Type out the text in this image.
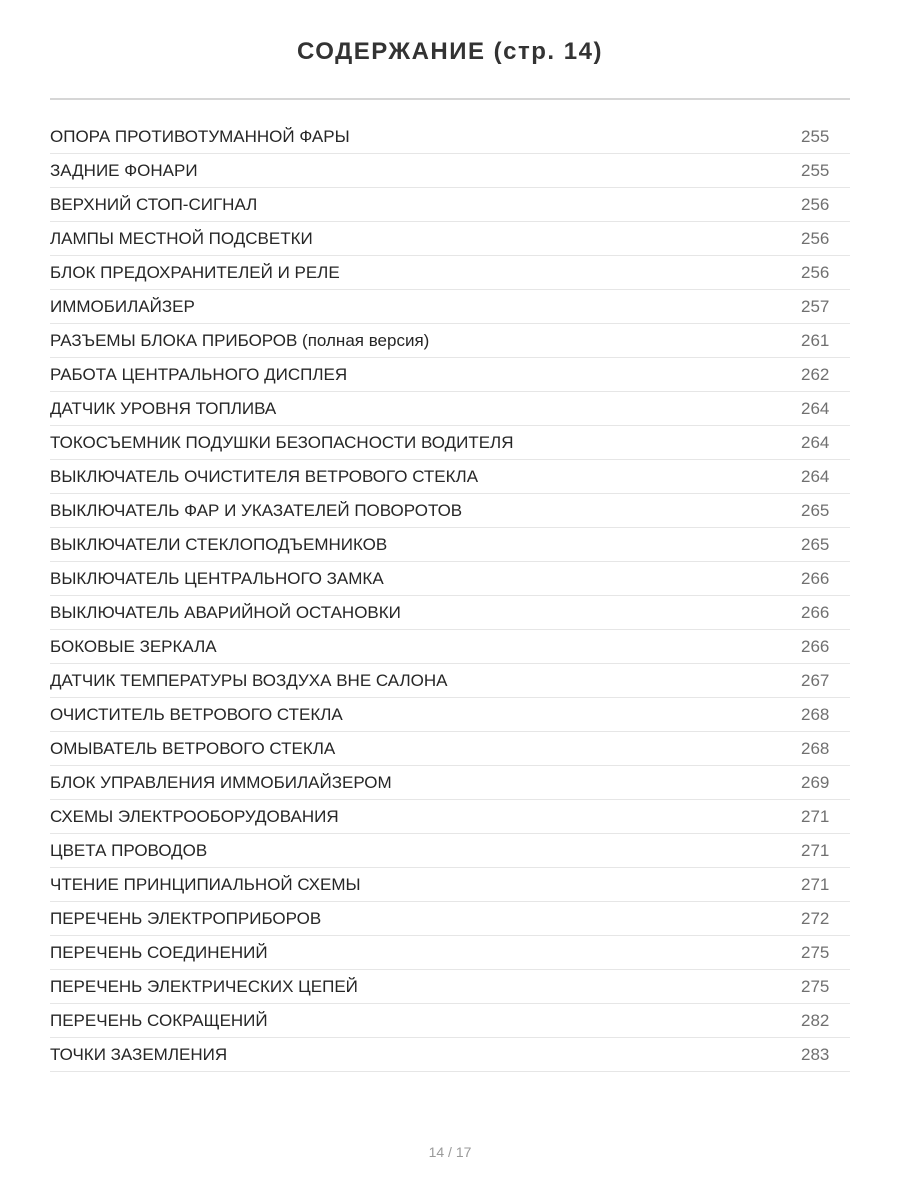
СОДЕРЖАНИЕ (стр. 14)
ОПОРА ПРОТИВОТУМАННОЙ ФАРЫ	255
ЗАДНИЕ ФОНАРИ	255
ВЕРХНИЙ СТОП-СИГНАЛ	256
ЛАМПЫ МЕСТНОЙ ПОДСВЕТКИ	256
БЛОК ПРЕДОХРАНИТЕЛЕЙ И РЕЛЕ	256
ИММОБИЛАЙЗЕР	257
РАЗЪЕМЫ БЛОКА ПРИБОРОВ (полная версия)	261
РАБОТА ЦЕНТРАЛЬНОГО ДИСПЛЕЯ	262
ДАТЧИК УРОВНЯ ТОПЛИВА	264
ТОКОСЪЕМНИК ПОДУШКИ БЕЗОПАСНОСТИ ВОДИТЕЛЯ	264
ВЫКЛЮЧАТЕЛЬ ОЧИСТИТЕЛЯ ВЕТРОВОГО СТЕКЛА	264
ВЫКЛЮЧАТЕЛЬ ФАР И УКАЗАТЕЛЕЙ ПОВОРОТОВ	265
ВЫКЛЮЧАТЕЛИ СТЕКЛОПОДЪЕМНИКОВ	265
ВЫКЛЮЧАТЕЛЬ ЦЕНТРАЛЬНОГО ЗАМКА	266
ВЫКЛЮЧАТЕЛЬ АВАРИЙНОЙ ОСТАНОВКИ	266
БОКОВЫЕ ЗЕРКАЛА	266
ДАТЧИК ТЕМПЕРАТУРЫ ВОЗДУХА ВНЕ САЛОНА	267
ОЧИСТИТЕЛЬ ВЕТРОВОГО СТЕКЛА	268
ОМЫВАТЕЛЬ ВЕТРОВОГО СТЕКЛА	268
БЛОК УПРАВЛЕНИЯ ИММОБИЛАЙЗЕРОМ	269
СХЕМЫ ЭЛЕКТРООБОРУДОВАНИЯ	271
ЦВЕТА ПРОВОДОВ	271
ЧТЕНИЕ ПРИНЦИПИАЛЬНОЙ СХЕМЫ	271
ПЕРЕЧЕНЬ ЭЛЕКТРОПРИБОРОВ	272
ПЕРЕЧЕНЬ СОЕДИНЕНИЙ	275
ПЕРЕЧЕНЬ ЭЛЕКТРИЧЕСКИХ ЦЕПЕЙ	275
ПЕРЕЧЕНЬ СОКРАЩЕНИЙ	282
ТОЧКИ ЗАЗЕМЛЕНИЯ	283
14 / 17
